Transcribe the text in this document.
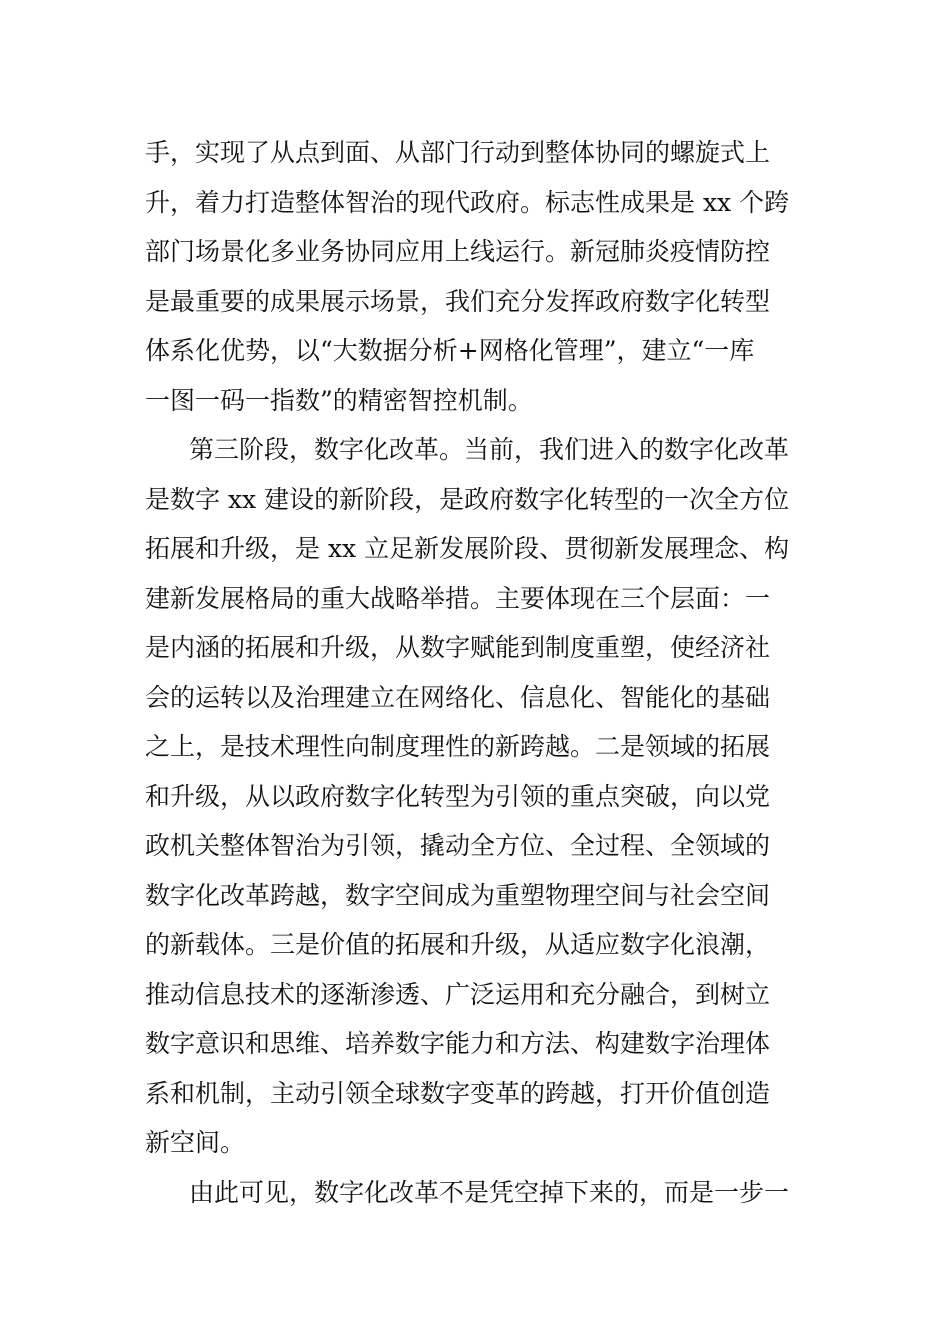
手，实现了从点到面、从部门行动到整体协同的螺旋式上
升，着力打造整体智治的现代政府。标志性成果是 xx 个跨
部门场景化多业务协同应用上线运行。新冠肺炎疫情防控
是最重要的成果展示场景，我们充分发挥政府数字化转型
体系化优势，以“大数据分析+网格化管理”，建立“一库
一图一码一指数”的精密智控机制。
第三阶段，数字化改革。当前，我们进入的数字化改革
是数字 xx 建设的新阶段，是政府数字化转型的一次全方位
拓展和升级，是 xx 立足新发展阶段、贯彻新发展理念、构
建新发展格局的重大战略举措。主要体现在三个层面：一
是内涵的拓展和升级，从数字赋能到制度重塑，使经济社
会的运转以及治理建立在网络化、信息化、智能化的基础
之上，是技术理性向制度理性的新跨越。二是领域的拓展
和升级，从以政府数字化转型为引领的重点突破，向以党
政机关整体智治为引领，撬动全方位、全过程、全领域的
数字化改革跨越，数字空间成为重塑物理空间与社会空间
的新载体。三是价值的拓展和升级，从适应数字化浪潮，
推动信息技术的逐渐渗透、广泛运用和充分融合，到树立
数字意识和思维、培养数字能力和方法、构建数字治理体
系和机制，主动引领全球数字变革的跨越，打开价值创造
新空间。
由此可见，数字化改革不是凭空掉下来的，而是一步一
